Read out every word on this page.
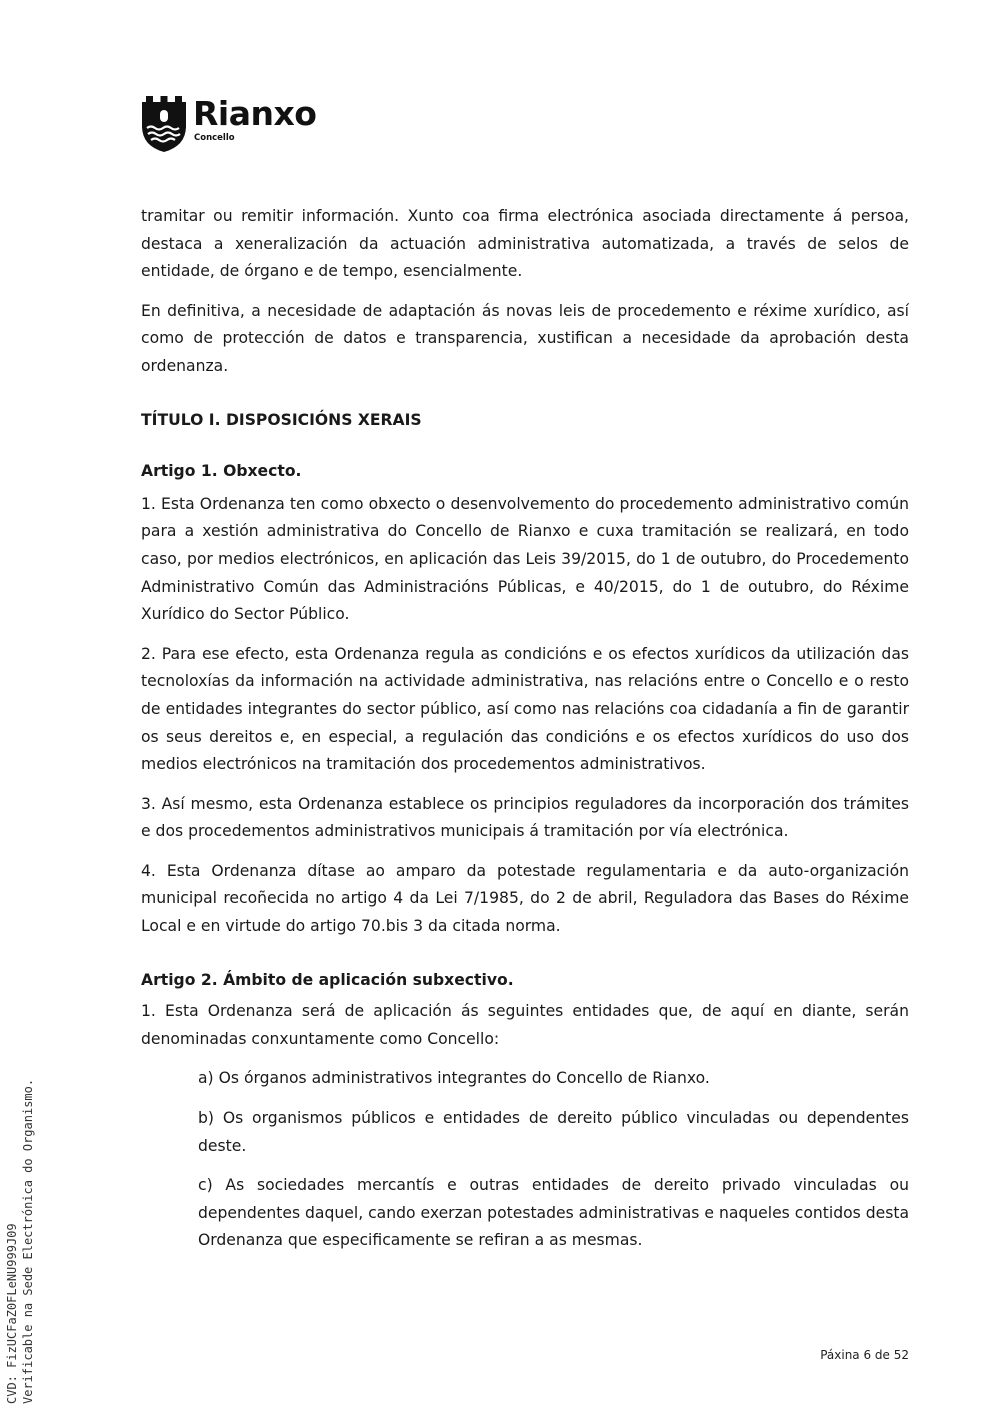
Rianxo
Concello

tramitar ou remitir información. Xunto coa firma electrónica asociada directamente á persoa, destaca a xeneralización da actuación administrativa automatizada, a través de selos de entidade, de órgano e de tempo, esencialmente.

En definitiva, a necesidade de adaptación ás novas leis de procedemento e réxime xurídico, así como de protección de datos e transparencia, xustifican a necesidade da aprobación desta ordenanza.

TÍTULO I. DISPOSICIÓNS XERAIS
Artigo 1. Obxecto.

1. Esta Ordenanza ten como obxecto o desenvolvemento do procedemento administrativo común para a xestión administrativa do Concello de Rianxo e cuxa tramitación se realizará, en todo caso, por medios electrónicos, en aplicación das Leis 39/2015, do 1 de outubro, do Procedemento Administrativo Común das Administracións Públicas, e 40/2015, do 1 de outubro, do Réxime Xurídico do Sector Público.

2. Para ese efecto, esta Ordenanza regula as condicións e os efectos xurídicos da utilización das tecnoloxías da información na actividade administrativa, nas relacións entre o Concello e o resto de entidades integrantes do sector público, así como nas relacións coa cidadanía a fin de garantir os seus dereitos e, en especial, a regulación das condicións e os efectos xurídicos do uso dos medios electrónicos na tramitación dos procedementos administrativos.

3. Así mesmo, esta Ordenanza establece os principios reguladores da incorporación dos trámites e dos procedementos administrativos municipais á tramitación por vía electrónica.

4. Esta Ordenanza dítase ao amparo da potestade regulamentaria e da auto-organización municipal recoñecida no artigo 4 da Lei 7/1985, do 2 de abril, Reguladora das Bases do Réxime Local e en virtude do artigo 70.bis 3 da citada norma.

Artigo 2. Ámbito de aplicación subxectivo.

1. Esta Ordenanza será de aplicación ás seguintes entidades que, de aquí en diante, serán denominadas conxuntamente como Concello:

a) Os órganos administrativos integrantes do Concello de Rianxo.

b) Os organismos públicos e entidades de dereito público vinculadas ou dependentes deste.

c) As sociedades mercantís e outras entidades de dereito privado vinculadas ou dependentes daquel, cando exerzan potestades administrativas e naqueles contidos desta Ordenanza que especificamente se refiran a as mesmas.

Páxina 6 de 52
CVD: FizUCFaZ0FLeNU999J09 Verificable na Sede Electrónica do Organismo.
